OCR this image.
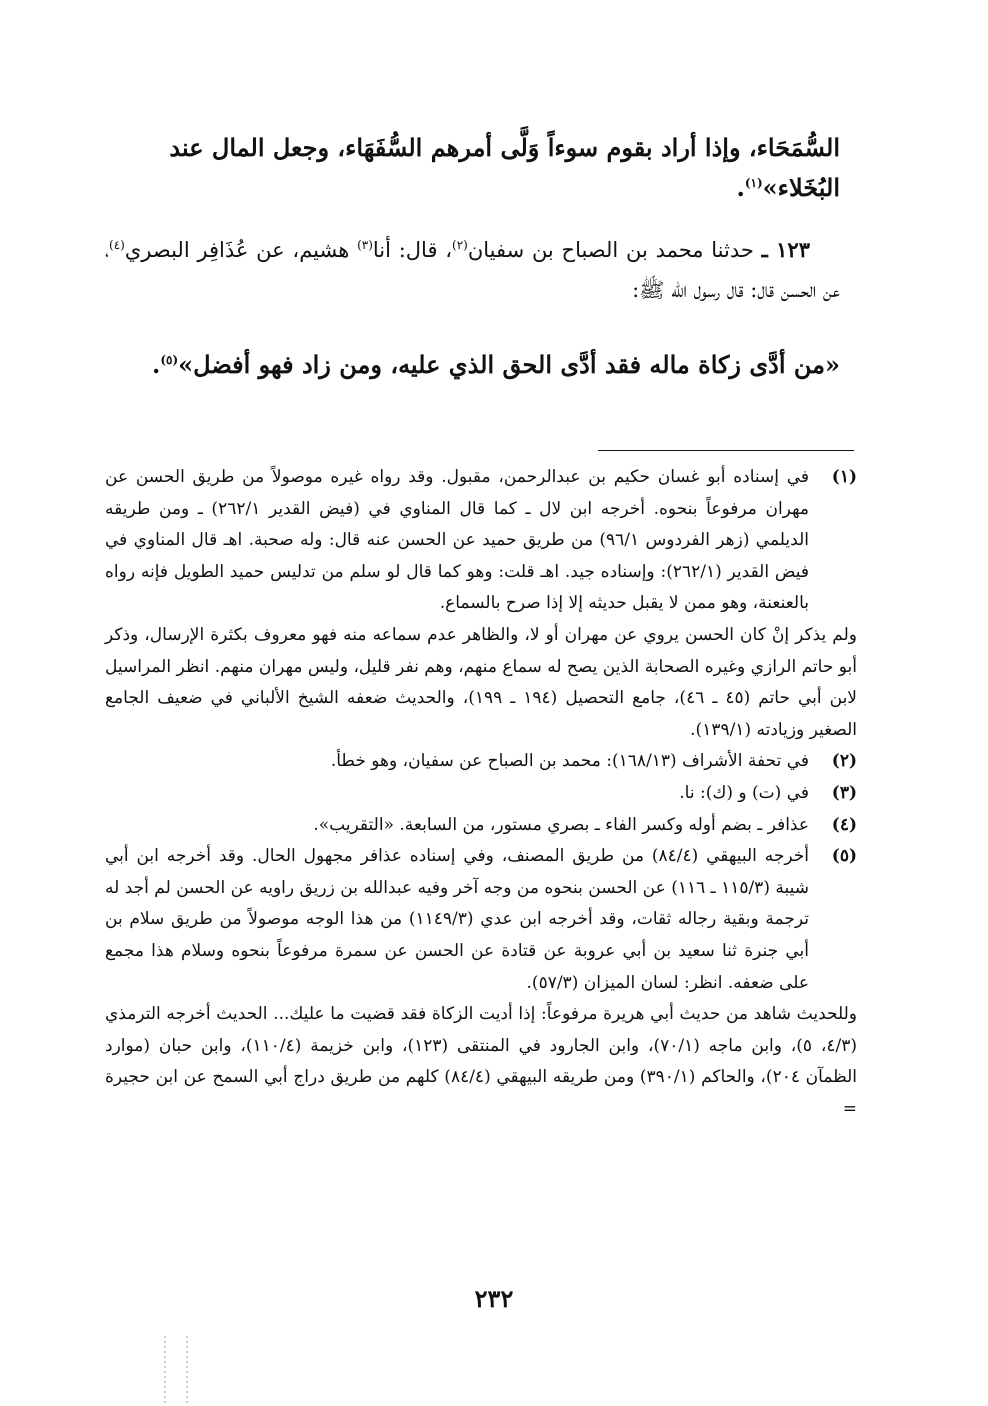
السُّمَحَاء، وإذا أراد بقوم سوءاً وَلَّى أمرهم السُّفَهَاء، وجعل المال عند
البُخَلاء»$^{(١)}$.
١٢٣ ـ حدثنا محمد بن الصباح بن سفيان$^{(٢)}$، قال: أنا$^{(٣)}$ هشيم، عن عُذَافِر البصري$^{(٤)}$، عن الحسن قال: قال رسول الله ﷺ:
«من أدَّى زكاة ماله فقد أدَّى الحق الذي عليه، ومن زاد فهو أفضل»$^{(٥)}$.
(١)
في إسناده أبو غسان حكيم بن عبدالرحمن، مقبول. وقد رواه غيره موصولاً من طريق الحسن عن مهران مرفوعاً بنحوه. أخرجه ابن لال ـ كما قال المناوي في (فيض القدير ٢٦٢/١) ـ ومن طريقه الديلمي (زهر الفردوس ٩٦/١) من طريق حميد عن الحسن عنه قال: وله صحبة. اهـ قال المناوي في فيض القدير (٢٦٢/١): وإسناده جيد. اهـ قلت: وهو كما قال لو سلم من تدليس حميد الطويل فإنه رواه بالعنعنة، وهو ممن لا يقبل حديثه إلا إذا صرح بالسماع.
ولم يذكر إنْ كان الحسن يروي عن مهران أو لا، والظاهر عدم سماعه منه فهو معروف بكثرة الإرسال، وذكر أبو حاتم الرازي وغيره الصحابة الذين يصح له سماع منهم، وهم نفر قليل، وليس مهران منهم. انظر المراسيل لابن أبي حاتم (٤٥ ـ ٤٦)، جامع التحصيل (١٩٤ ـ ١٩٩)، والحديث ضعفه الشيخ الألباني في ضعيف الجامع الصغير وزيادته (١٣٩/١).
(٢)
في تحفة الأشراف (١٦٨/١٣): محمد بن الصباح عن سفيان، وهو خطأ.
(٣)
في (ت) و (ك): نا.
(٤)
عذافر ـ بضم أوله وكسر الفاء ـ بصري مستور، من السابعة. «التقريب».
(٥)
أخرجه البيهقي (٨٤/٤) من طريق المصنف، وفي إسناده عذافر مجهول الحال. وقد أخرجه ابن أبي شيبة (١١٥/٣ ـ ١١٦) عن الحسن بنحوه من وجه آخر وفيه عبدالله بن زريق راويه عن الحسن لم أجد له ترجمة وبقية رجاله ثقات، وقد أخرجه ابن عدي (١١٤٩/٣) من هذا الوجه موصولاً من طريق سلام بن أبي جنرة ثنا سعيد بن أبي عروبة عن قتادة عن الحسن عن سمرة مرفوعاً بنحوه وسلام هذا مجمع على ضعفه. انظر: لسان الميزان (٥٧/٣).
وللحديث شاهد من حديث أبي هريرة مرفوعاً: إذا أديت الزكاة فقد قضيت ما عليك... الحديث أخرجه الترمذي (٤/٣، ٥)، وابن ماجه (٧٠/١)، وابن الجارود في المنتقى (١٢٣)، وابن خزيمة (١١٠/٤)، وابن حبان (موارد الظمآن ٢٠٤)، والحاكم (٣٩٠/١) ومن طريقه البيهقي (٨٤/٤) كلهم من طريق دراج أبي السمح عن ابن حجيرة =
٢٣٢
